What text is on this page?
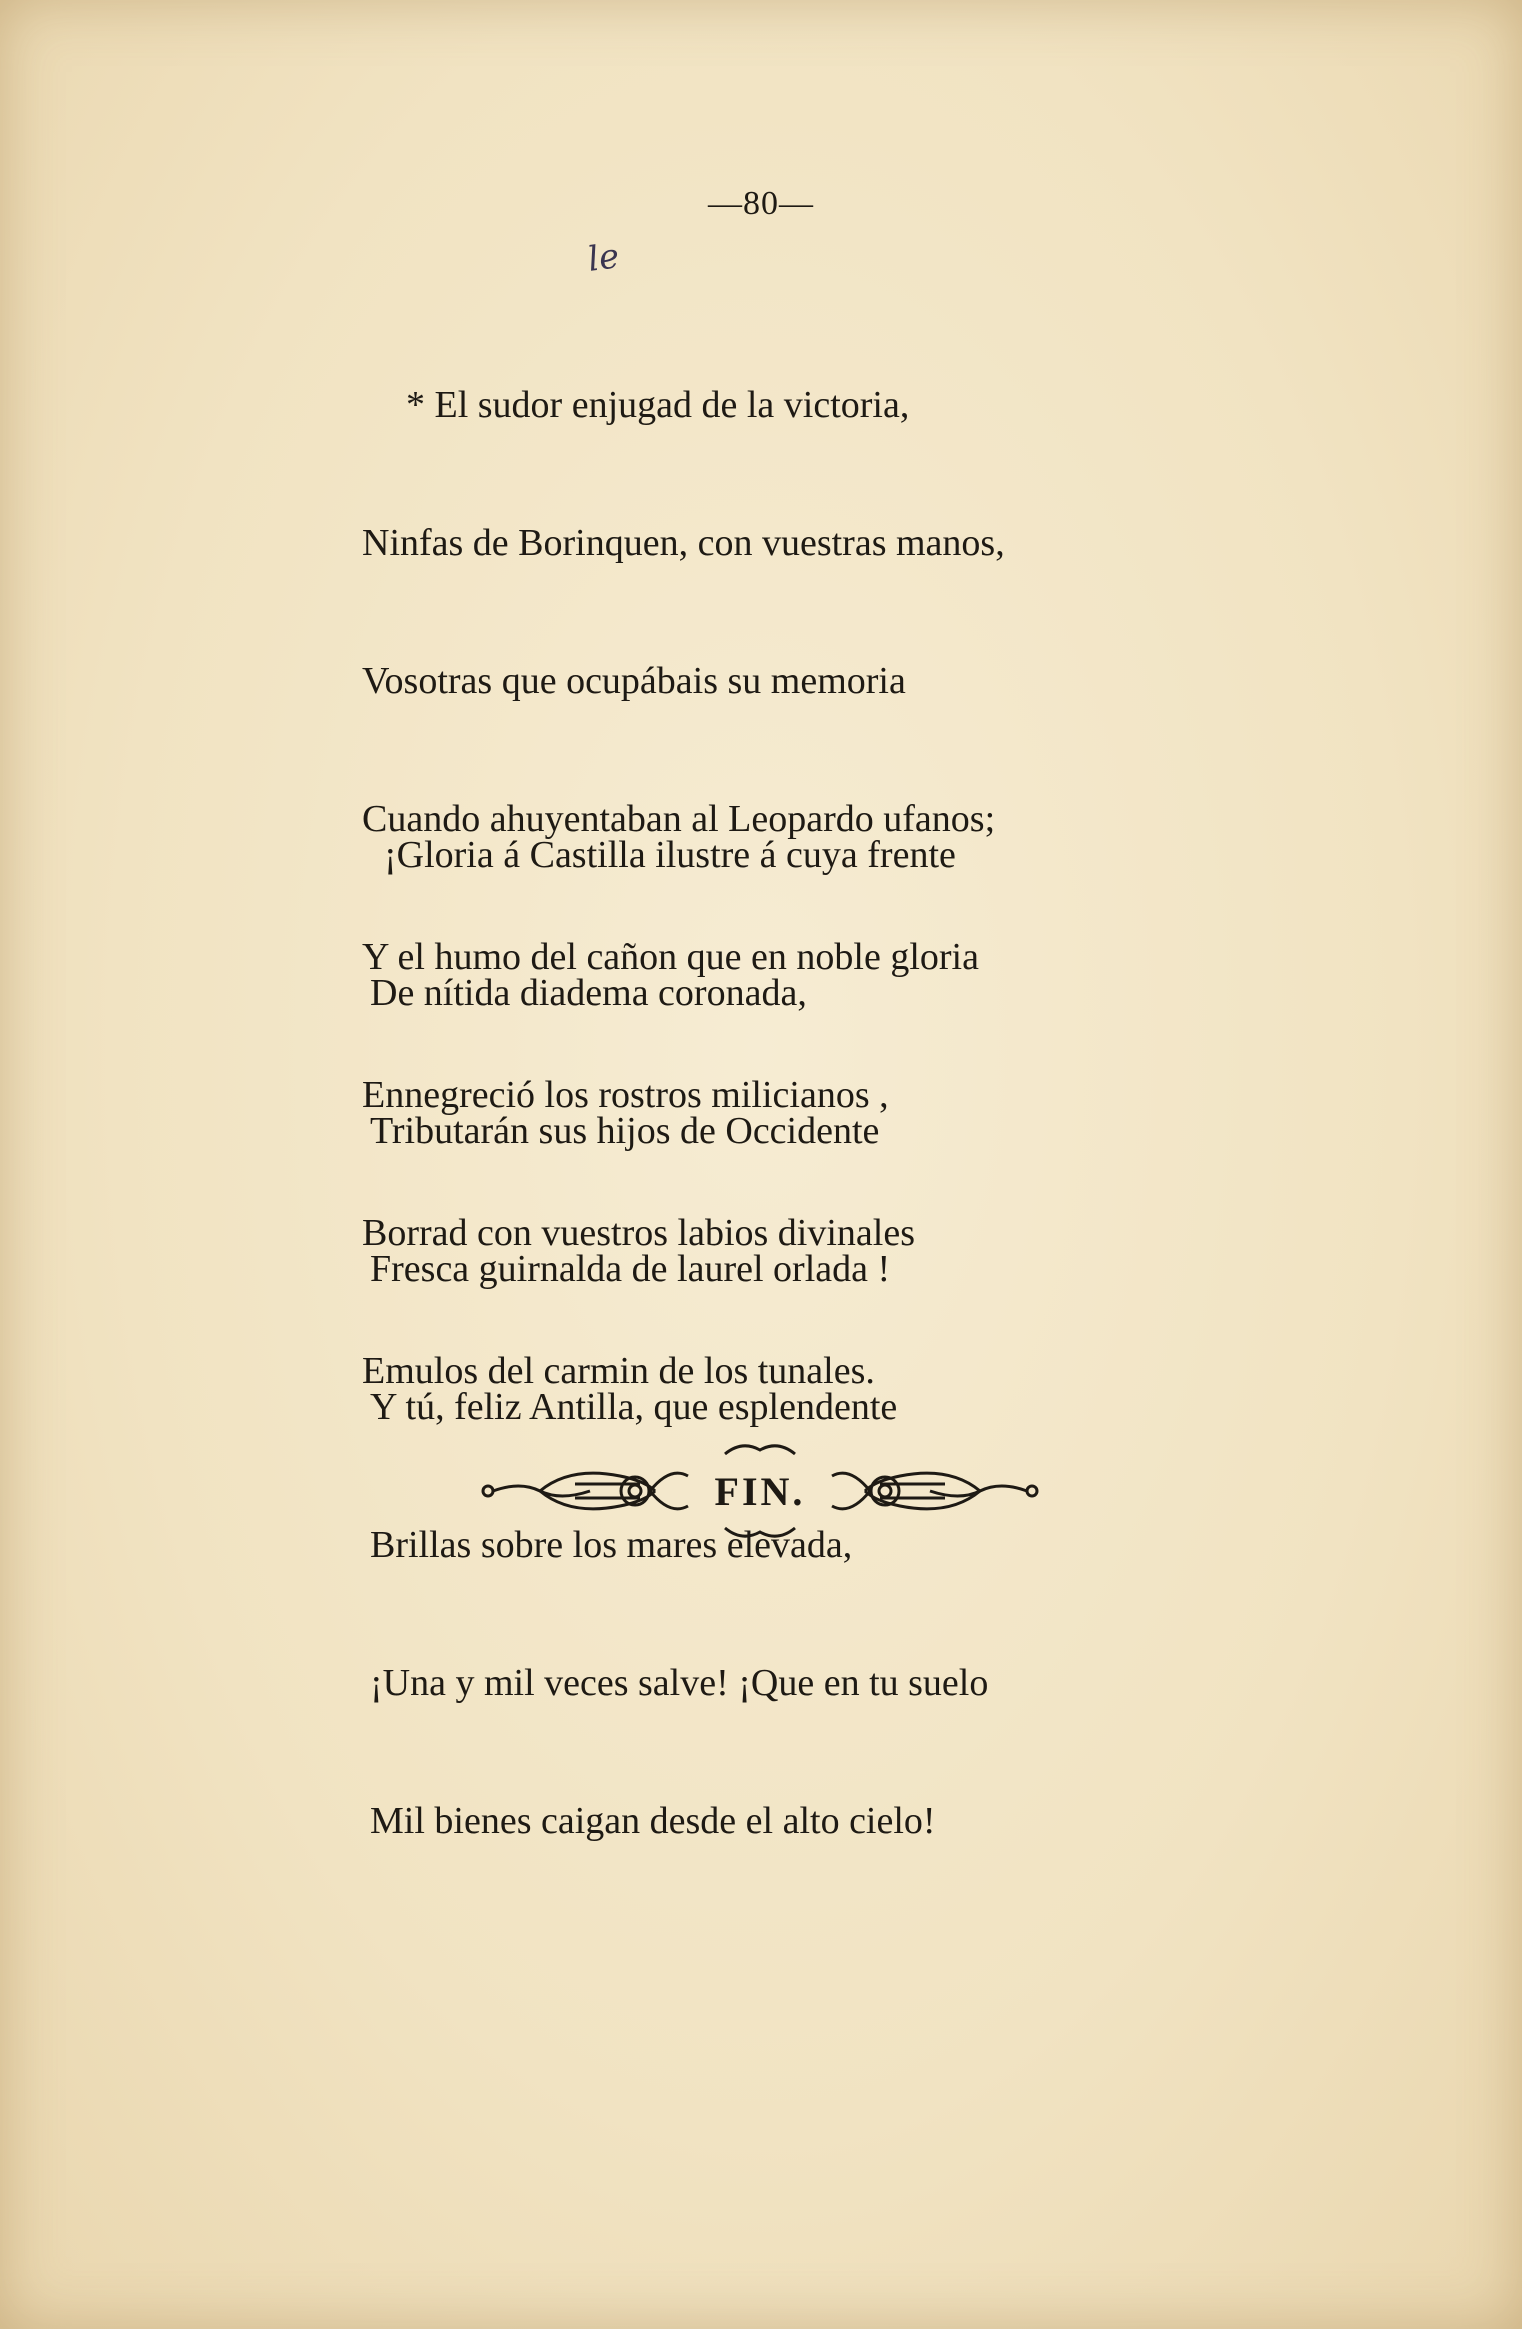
—80—
le

* El sudor enjugad de la victoria,

Ninfas de Borinquen, con vuestras manos,

Vosotras que ocupábais su memoria

Cuando ahuyentaban al Leopardo ufanos;

Y el humo del cañon que en noble gloria

Ennegreció los rostros milicianos ,

Borrad con vuestros labios divinales

Emulos del carmin de los tunales.

¡Gloria á Castilla ilustre á cuya frente

De nítida diadema coronada,

Tributarán sus hijos de Occidente

Fresca guirnalda de laurel orlada !

Y tú, feliz Antilla, que esplendente

Brillas sobre los mares elevada,

¡Una y mil veces salve! ¡Que en tu suelo

Mil bienes caigan desde el alto cielo!

FIN.
